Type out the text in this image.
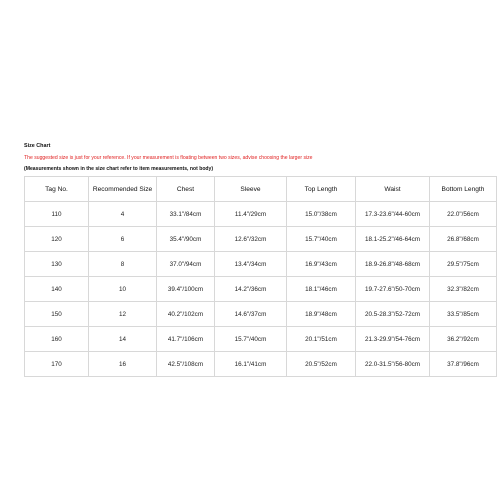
Size Chart
The suggested size is just for your reference. If your measurement is floating between two sizes, advise choosing the larger size
(Measurements shown in the size chart refer to item measurements, not body)
Tag No.	Recommended Size	Chest	Sleeve	Top Length	Waist	Bottom Length
110	4	33.1"/84cm	11.4"/29cm	15.0"/38cm	17.3-23.6"/44-60cm	22.0"/56cm
120	6	35.4"/90cm	12.6"/32cm	15.7"/40cm	18.1-25.2"/46-64cm	26.8"/68cm
130	8	37.0"/94cm	13.4"/34cm	16.9"/43cm	18.9-26.8"/48-68cm	29.5"/75cm
140	10	39.4"/100cm	14.2"/36cm	18.1"/46cm	19.7-27.6"/50-70cm	32.3"/82cm
150	12	40.2"/102cm	14.6"/37cm	18.9"/48cm	20.5-28.3"/52-72cm	33.5"/85cm
160	14	41.7"/106cm	15.7"/40cm	20.1"/51cm	21.3-29.9"/54-76cm	36.2"/92cm
170	16	42.5"/108cm	16.1"/41cm	20.5"/52cm	22.0-31.5"/56-80cm	37.8"/96cm
